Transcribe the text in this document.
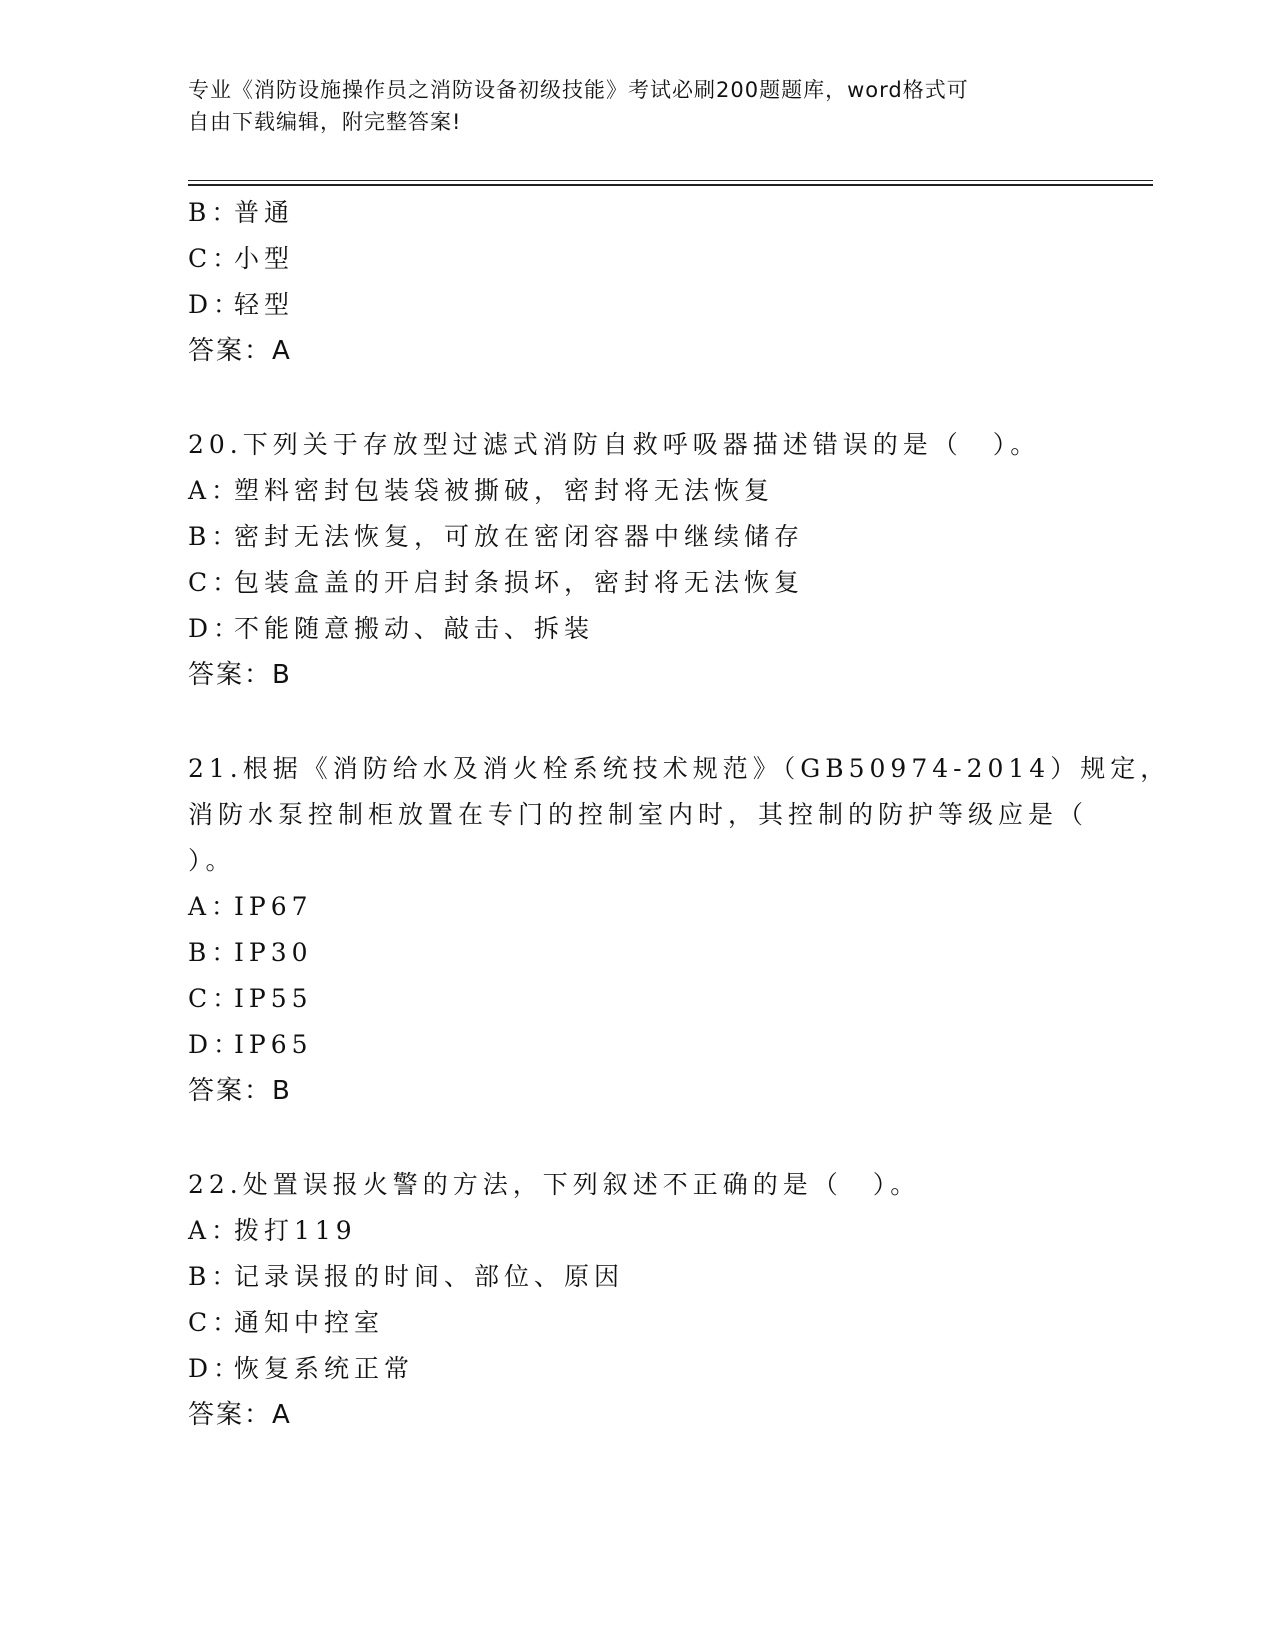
专业《消防设施操作员之消防设备初级技能》考试必刷200题题库，word格式可
自由下载编辑，附完整答案!
B：普通
C：小型
D：轻型
答案：A
20.下列关于存放型过滤式消防自救呼吸器描述错误的是（　）。
A：塑料密封包装袋被撕破，密封将无法恢复
B：密封无法恢复，可放在密闭容器中继续储存
C：包装盒盖的开启封条损坏，密封将无法恢复
D：不能随意搬动、敲击、拆装
答案：B
21.根据《消防给水及消火栓系统技术规范》（GB50974-2014）规定，
消防水泵控制柜放置在专门的控制室内时，其控制的防护等级应是（
）。
A：IP67
B：IP30
C：IP55
D：IP65
答案：B
22.处置误报火警的方法，下列叙述不正确的是（　）。
A：拨打119
B：记录误报的时间、部位、原因
C：通知中控室
D：恢复系统正常
答案：A
